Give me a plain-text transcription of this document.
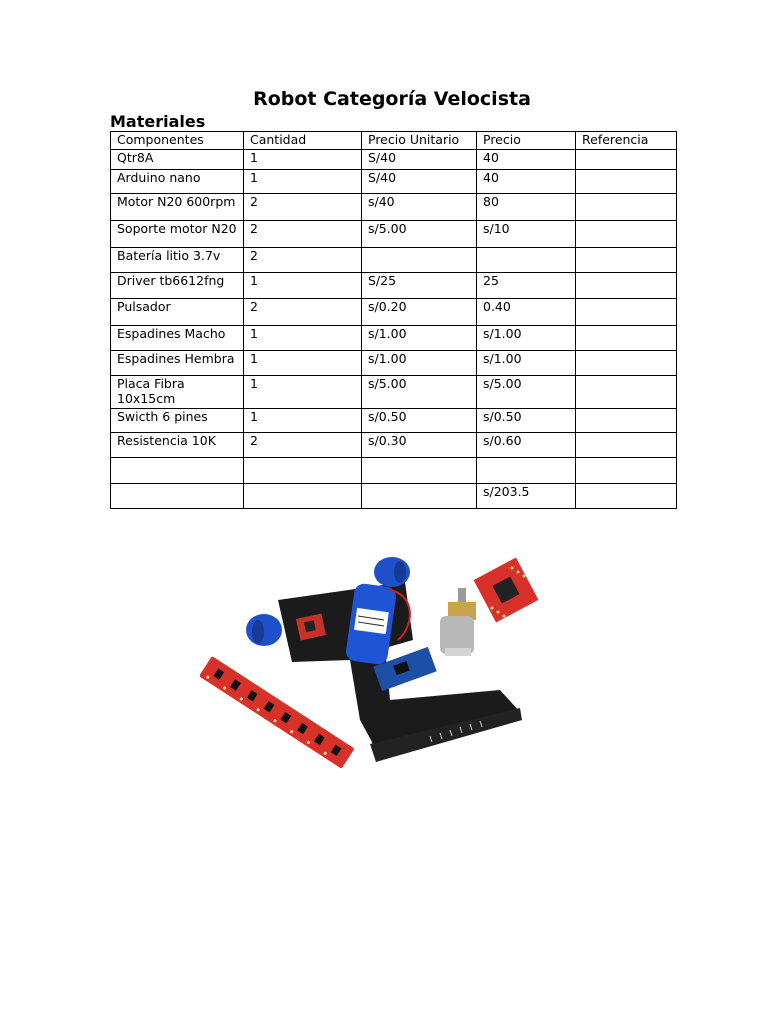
Robot Categoría Velocista
Materiales
Componentes	Cantidad	Precio Unitario	Precio	Referencia
Qtr8A	1	S/40	40	
Arduino nano	1	S/40	40	
Motor N20 600rpm	2	s/40	80	
Soporte motor N20	2	s/5.00	s/10	
Batería litio 3.7v	2			
Driver tb6612fng	1	S/25	25	
Pulsador	2	s/0.20	0.40	
Espadines Macho	1	s/1.00	s/1.00	
Espadines Hembra	1	s/1.00	s/1.00	
Placa Fibra 10x15cm	1	s/5.00	s/5.00	
Swicth 6 pines	1	s/0.50	s/0.50	
Resistencia 10K	2	s/0.30	s/0.60	

			s/203.5	
